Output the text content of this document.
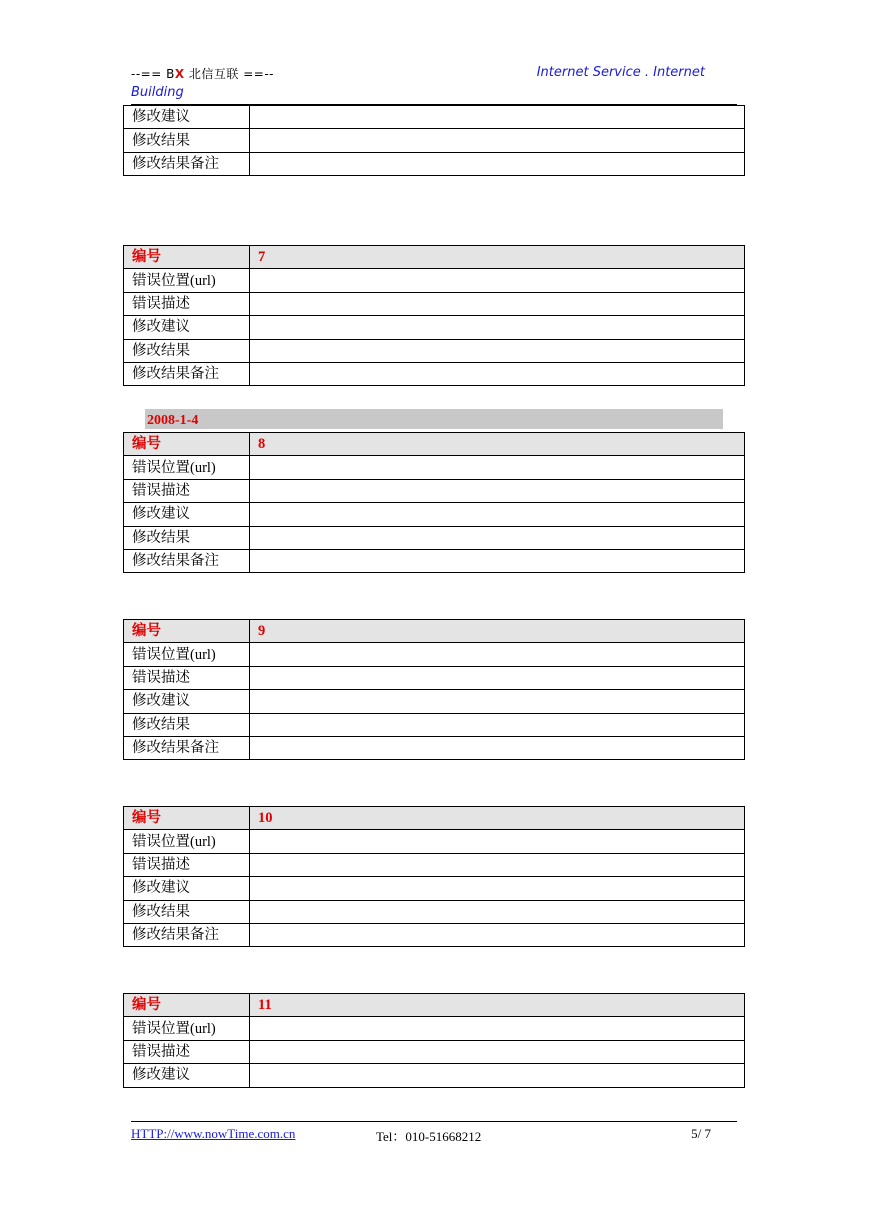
--== BX 北信互联 ==--	Internet Service . Internet
Building
修改建议	
修改结果	
修改结果备注	
编号	7
错误位置(url)	
错误描述	
修改建议	
修改结果	
修改结果备注	
2008-1-4
编号	8
错误位置(url)	
错误描述	
修改建议	
修改结果	
修改结果备注	
编号	9
错误位置(url)	
错误描述	
修改建议	
修改结果	
修改结果备注	
编号	10
错误位置(url)	
错误描述	
修改建议	
修改结果	
修改结果备注	
编号	11
错误位置(url)	
错误描述	
修改建议	
HTTP://www.nowTime.com.cn	Tel：010-51668212	5/ 7
